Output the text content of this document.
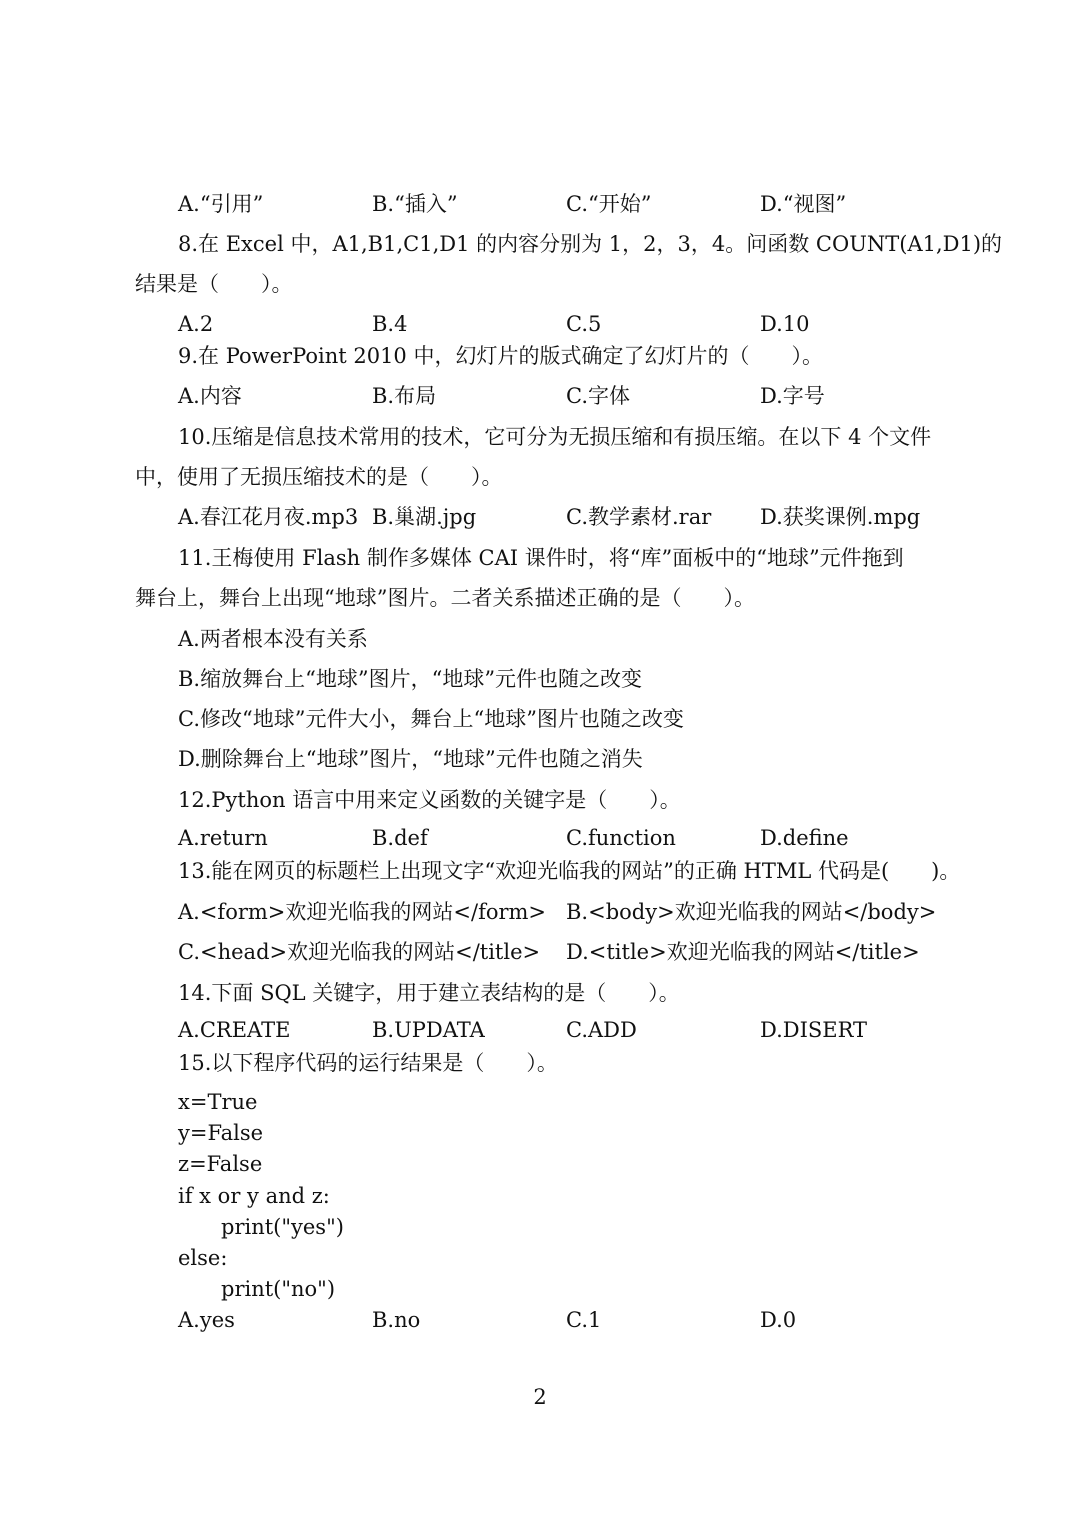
A.“引用”	B.“插入”	C.“开始”	D.“视图”
8.在 Excel 中，A1,B1,C1,D1 的内容分别为 1，2，3，4。问函数 COUNT(A1,D1)的
结果是（　　）。
A.2	B.4	C.5	D.10
9.在 PowerPoint 2010 中，幻灯片的版式确定了幻灯片的（　　）。
A.内容	B.布局	C.字体	D.字号
10.压缩是信息技术常用的技术，它可分为无损压缩和有损压缩。在以下 4 个文件
中，使用了无损压缩技术的是（　　）。
A.春江花月夜.mp3 B.巢湖.jpg	C.教学素材.rar D.获奖课例.mpg
11.王梅使用 Flash 制作多媒体 CAI 课件时，将“库”面板中的“地球”元件拖到
舞台上，舞台上出现“地球”图片。二者关系描述正确的是（　　）。
A.两者根本没有关系
B.缩放舞台上“地球”图片，“地球”元件也随之改变
C.修改“地球”元件大小，舞台上“地球”图片也随之改变
D.删除舞台上“地球”图片，“地球”元件也随之消失
12.Python 语言中用来定义函数的关键字是（　　）。
A.return	B.def	C.function	D.define
13.能在网页的标题栏上出现文字“欢迎光临我的网站”的正确 HTML 代码是(　　)。
A.<form>欢迎光临我的网站</form> B.<body>欢迎光临我的网站</body>
C.<head>欢迎光临我的网站</title> D.<title>欢迎光临我的网站</title>
14.下面 SQL 关键字，用于建立表结构的是（　　）。
A.CREATE	B.UPDATA	C.ADD	D.DISERT
15.以下程序代码的运行结果是（　　）。
x=True
y=False
z=False
if x or y and z:
print("yes")
else:
print("no")
A.yes	B.no	C.1	D.0
2
